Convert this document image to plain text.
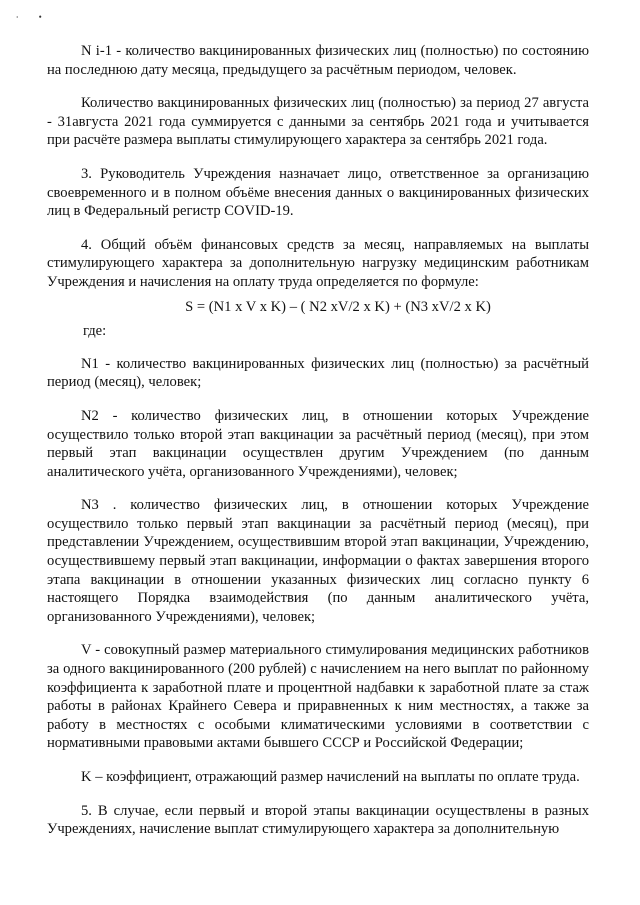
⸱ •

N i-1 - количество вакцинированных физических лиц (полностью) по состоянию на последнюю дату месяца, предыдущего за расчётным периодом, человек.

Количество вакцинированных физических лиц (полностью) за период 27 августа - 31августа 2021 года суммируется с данными за сентябрь 2021 года и учитывается при расчёте размера выплаты стимулирующего характера за сентябрь 2021 года.

3. Руководитель Учреждения назначает лицо, ответственное за организацию своевременного и в полном объёме внесения данных о вакцинированных физических лиц в Федеральный регистр COVID-19.

4. Общий объём финансовых средств за месяц, направляемых на выплаты стимулирующего характера за дополнительную нагрузку медицинским работникам Учреждения и начисления на оплату труда определяется по формуле:

S = (N1 x V x K) – ( N2 xV/2 x K) + (N3 xV/2 x K)
где:

N1 - количество вакцинированных физических лиц (полностью) за расчётный период (месяц), человек;

N2 - количество физических лиц, в отношении которых Учреждение осуществило только второй этап вакцинации за расчётный период (месяц), при этом первый этап вакцинации осуществлен другим Учреждением (по данным аналитического учёта, организованного Учреждениями), человек;

N3 . количество физических лиц, в отношении которых Учреждение осуществило только первый этап вакцинации за расчётный период (месяц), при представлении Учреждением, осуществившим второй этап вакцинации, Учреждению, осуществившему первый этап вакцинации, информации о фактах завершения второго этапа вакцинации в отношении указанных физических лиц согласно пункту 6 настоящего Порядка взаимодействия (по данным аналитического учёта, организованного Учреждениями), человек;

V - совокупный размер материального стимулирования медицинских работников за одного вакцинированного (200 рублей) с начислением на него выплат по районному коэффициента к заработной плате и процентной надбавки к заработной плате за стаж работы в районах Крайнего Севера и приравненных к ним местностях, а также за работу в местностях с особыми климатическими условиями в соответствии с нормативными правовыми актами бывшего СССР и Российской Федерации;

K – коэффициент, отражающий размер начислений на выплаты по оплате труда.

5. В случае, если первый и второй этапы вакцинации осуществлены в разных Учреждениях, начисление выплат стимулирующего характера за дополнительную
